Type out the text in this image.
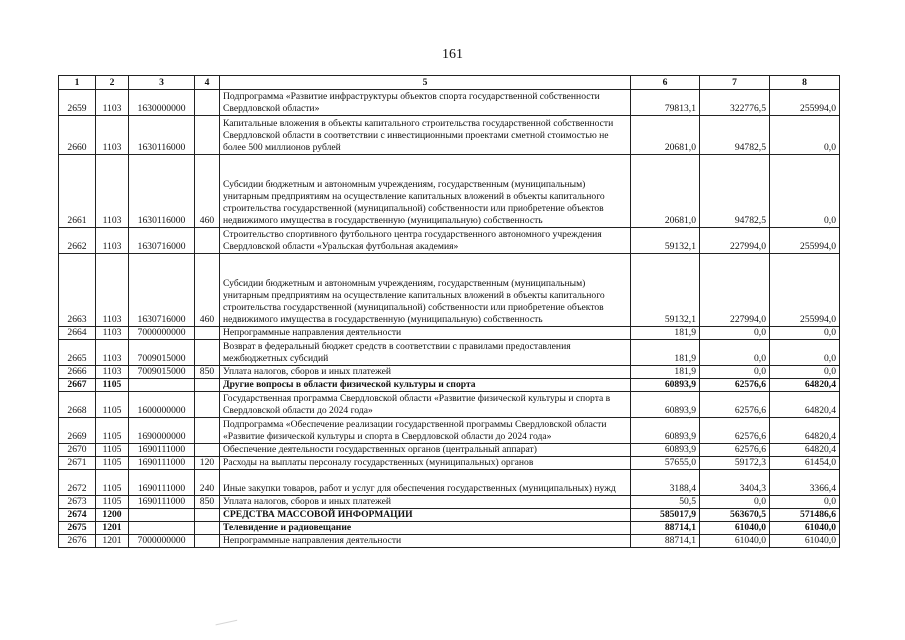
161
1	2	3	4	5	6	7	8
2659	1103	1630000000		Подпрограмма «Развитие инфраструктуры объектов спорта государственной собственности Свердловской области»	79813,1	322776,5	255994,0
2660	1103	1630116000		Капитальные вложения в объекты капитального строительства государственной собственности Свердловской области в соответствии с инвестиционными проектами сметной стоимостью не более 500 миллионов рублей	20681,0	94782,5	0,0
2661	1103	1630116000	460	Субсидии бюджетным и автономным учреждениям, государственным (муниципальным) унитарным предприятиям на осуществление капитальных вложений в объекты капитального строительства государственной (муниципальной) собственности или приобретение объектов недвижимого имущества в государственную (муниципальную) собственность	20681,0	94782,5	0,0
2662	1103	1630716000		Строительство спортивного футбольного центра государственного автономного учреждения Свердловской области «Уральская футбольная академия»	59132,1	227994,0	255994,0
2663	1103	1630716000	460	Субсидии бюджетным и автономным учреждениям, государственным (муниципальным) унитарным предприятиям на осуществление капитальных вложений в объекты капитального строительства государственной (муниципальной) собственности или приобретение объектов недвижимого имущества в государственную (муниципальную) собственность	59132,1	227994,0	255994,0
2664	1103	7000000000		Непрограммные направления деятельности	181,9	0,0	0,0
2665	1103	7009015000		Возврат в федеральный бюджет средств в соответствии с правилами предоставления межбюджетных субсидий	181,9	0,0	0,0
2666	1103	7009015000	850	Уплата налогов, сборов и иных платежей	181,9	0,0	0,0
2667	1105			Другие вопросы в области физической культуры и спорта	60893,9	62576,6	64820,4
2668	1105	1600000000		Государственная программа Свердловской области «Развитие физической культуры и спорта в Свердловской области до 2024 года»	60893,9	62576,6	64820,4
2669	1105	1690000000		Подпрограмма «Обеспечение реализации государственной программы Свердловской области «Развитие физической культуры и спорта в Свердловской области до 2024 года»	60893,9	62576,6	64820,4
2670	1105	1690111000		Обеспечение деятельности государственных органов (центральный аппарат)	60893,9	62576,6	64820,4
2671	1105	1690111000	120	Расходы на выплаты персоналу государственных (муниципальных) органов	57655,0	59172,3	61454,0
2672	1105	1690111000	240	Иные закупки товаров, работ и услуг для обеспечения государственных (муниципальных) нужд	3188,4	3404,3	3366,4
2673	1105	1690111000	850	Уплата налогов, сборов и иных платежей	50,5	0,0	0,0
2674	1200			СРЕДСТВА МАССОВОЙ ИНФОРМАЦИИ	585017,9	563670,5	571486,6
2675	1201			Телевидение и радиовещание	88714,1	61040,0	61040,0
2676	1201	7000000000		Непрограммные направления деятельности	88714,1	61040,0	61040,0
